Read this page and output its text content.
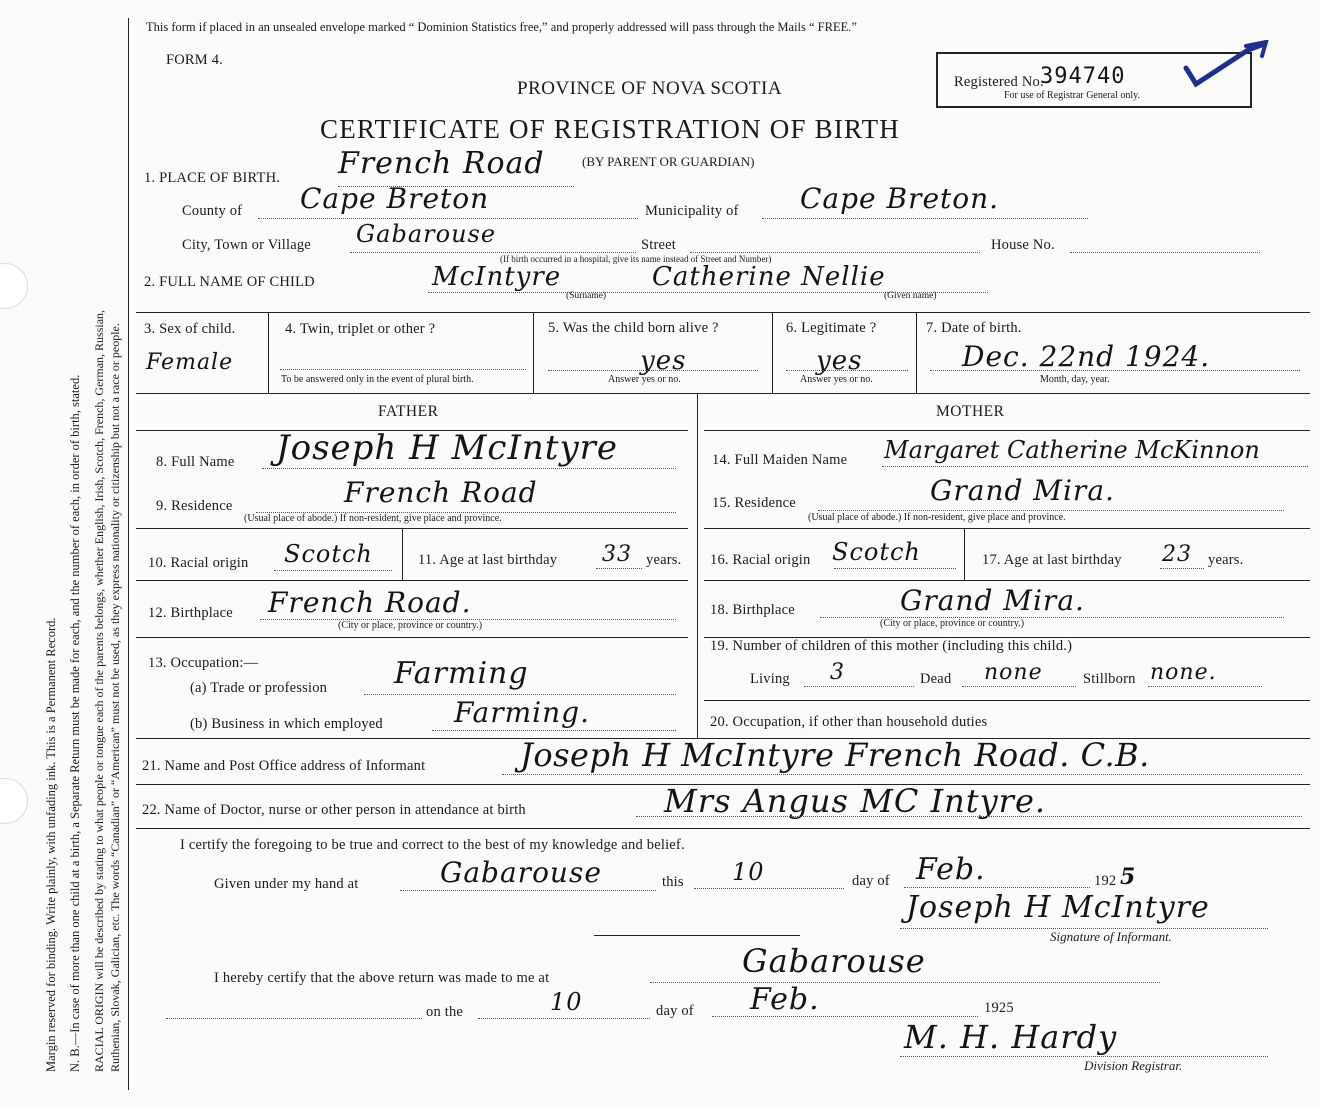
Margin reserved for binding. Write plainly, with unfading ink. This is a Permanent Record. N. B.—In case of more than one child at a birth, a Separate Return must be made for each, and the number of each, in order of birth, stated. RACIAL ORIGIN will be described by stating to what people or tongue each of the parents belongs, whether English, Irish, Scotch, French, German, Russian, Ruthenian, Slovak, Galician, etc. The words “Canadian” or “American” must not be used, as they express nationality or citizenship but not a race or people.
This form if placed in an unsealed envelope marked “ Dominion Statistics free,” and properly addressed will pass through the Mails “ FREE.”
FORM 4.
PROVINCE OF NOVA SCOTIA
CERTIFICATE OF REGISTRATION OF BIRTH
(BY PARENT OR GUARDIAN)
Registered No.
394740
For use of Registrar General only.
1. PLACE OF BIRTH. French Road
County of Cape Breton	Municipality of Cape Breton.
City, Town or Village Gabarouse	Street	House No.
(If birth occurred in a hospital, give its name instead of Street and Number)
2. FULL NAME OF CHILD	McIntyre	Catherine Nellie
(Surname)	(Given name)
3. Sex of child.
Female
4. Twin, triplet or other ?
To be answered only in the event of plural birth.
5. Was the child born alive ?
yes
Answer yes or no.
6. Legitimate ?
yes
Answer yes or no.
7. Date of birth.
Dec. 22nd 1924.
Month, day, year.
FATHER	MOTHER
8. Full Name Joseph H McIntyre
9. Residence	French Road
(Usual place of abode.) If non-resident, give place and province.
10. Racial origin Scotch	11. Age at last birthday 33 years.
12. Birthplace French Road.
(City or place, province or country.)
13. Occupation:—
(a) Trade or profession Farming
(b) Business in which employed	Farming.
14. Full Maiden Name Margaret Catherine McKinnon
15. Residence	Grand Mira.
(Usual place of abode.) If non-resident, give place and province.
16. Racial origin Scotch	17. Age at last birthday 23 years.
18. Birthplace	Grand Mira.
(City or place, province or country.)
19. Number of children of this mother (including this child.)
Living 3	Dead none	Stillborn none.
20. Occupation, if other than household duties
21. Name and Post Office address of Informant	Joseph H McIntyre French Road. C.B.
22. Name of Doctor, nurse or other person in attendance at birth	Mrs Angus MC Intyre.
I certify the foregoing to be true and correct to the best of my knowledge and belief.
Given under my hand at	Gabarouse	this 10	day of Feb.	192 5
Joseph H McIntyre
Signature of Informant.
I hereby certify that the above return was made to me at	Gabarouse
on the	10	day of Feb.	1925
M. H. Hardy
Division Registrar.
